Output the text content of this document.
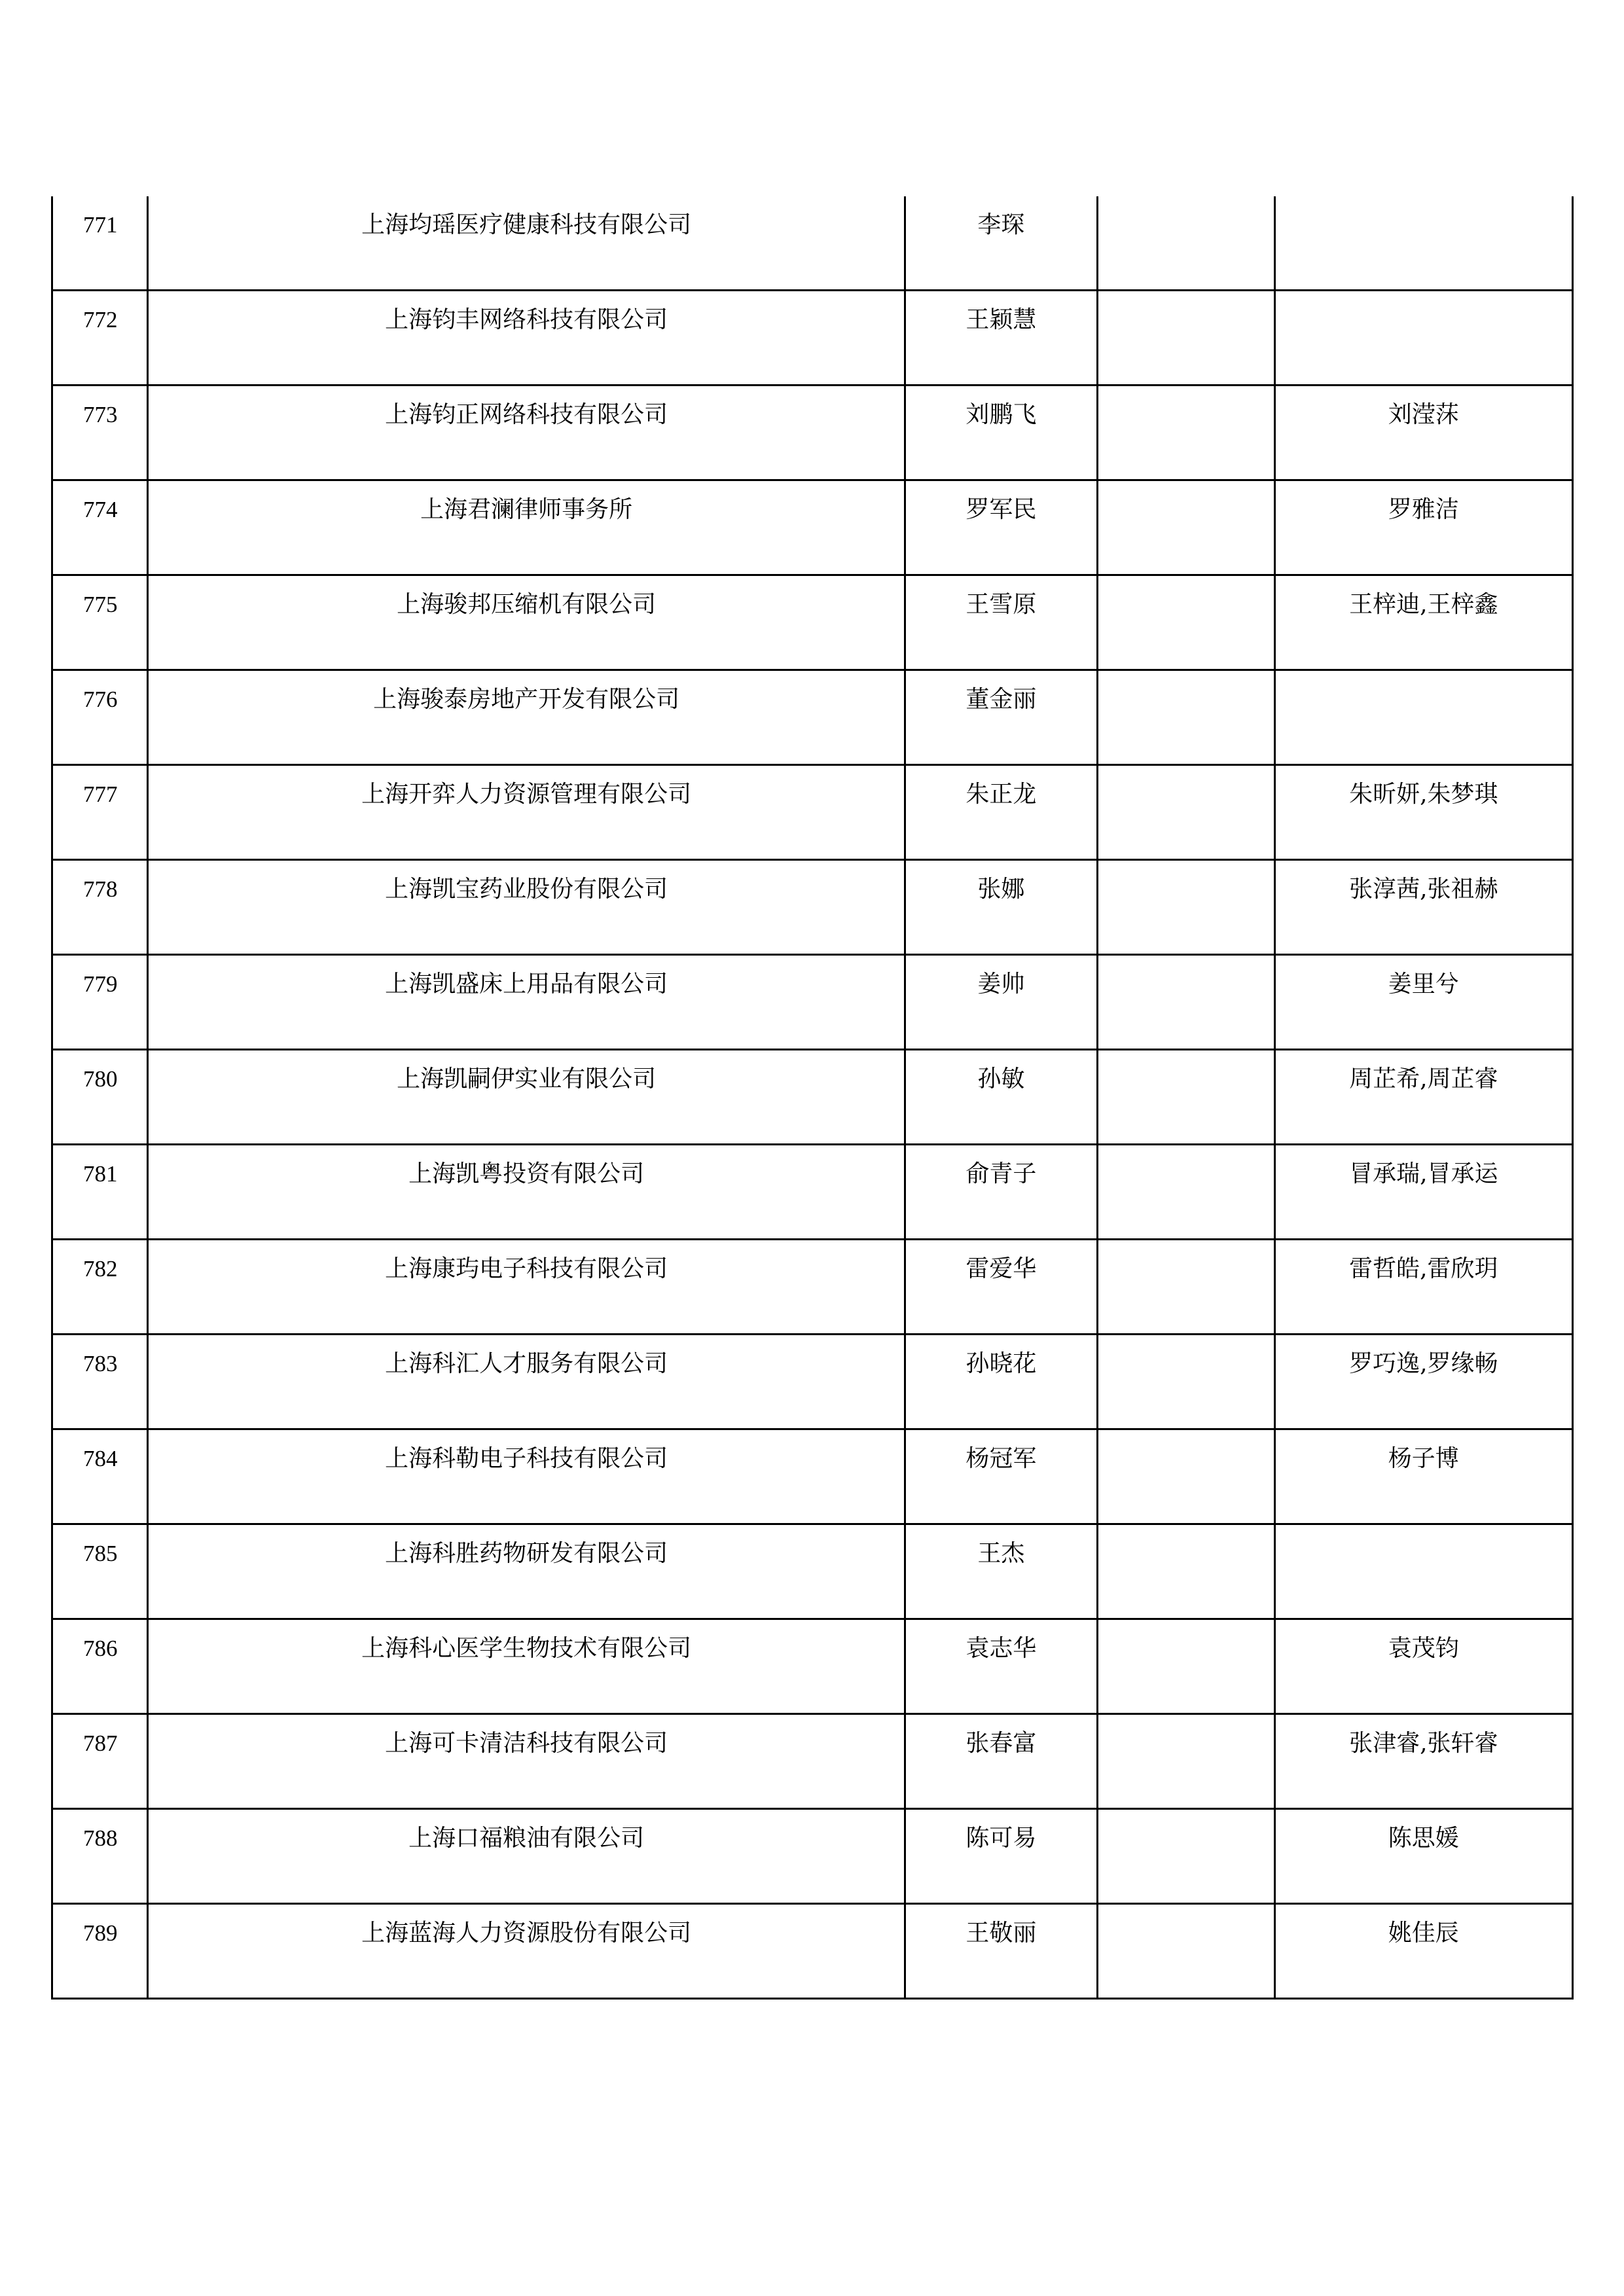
771	上海均瑶医疗健康科技有限公司	李琛		

772	上海钧丰网络科技有限公司	王颖慧		

773	上海钧正网络科技有限公司	刘鹏飞		刘滢莯

774	上海君澜律师事务所	罗军民		罗雅洁

775	上海骏邦压缩机有限公司	王雪原		王梓迪,王梓鑫

776	上海骏泰房地产开发有限公司	董金丽		

777	上海开弈人力资源管理有限公司	朱正龙		朱昕妍,朱梦琪

778	上海凯宝药业股份有限公司	张娜		张淳茜,张祖赫

779	上海凯盛床上用品有限公司	姜帅		姜里兮

780	上海凯嗣伊实业有限公司	孙敏		周芷希,周芷睿

781	上海凯粤投资有限公司	俞青子		冒承瑞,冒承运

782	上海康玙电子科技有限公司	雷爱华		雷哲皓,雷欣玥

783	上海科汇人才服务有限公司	孙晓花		罗巧逸,罗缘畅

784	上海科勒电子科技有限公司	杨冠军		杨子博

785	上海科胜药物研发有限公司	王杰		

786	上海科心医学生物技术有限公司	袁志华		袁茂钧

787	上海可卡清洁科技有限公司	张春富		张津睿,张轩睿

788	上海口福粮油有限公司	陈可易		陈思媛

789	上海蓝海人力资源股份有限公司	王敬丽		姚佳辰
